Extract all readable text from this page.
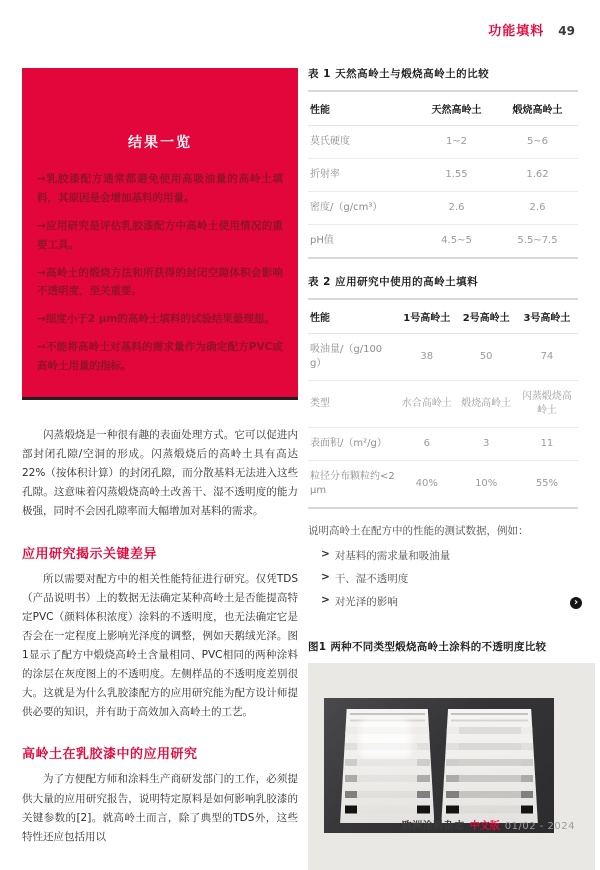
功能填料 49
结果一览

→乳胶漆配方通常都避免使用高吸油量的高岭土填料，其原因是会增加基料的用量。

→应用研究是评估乳胶漆配方中高岭土使用情况的重要工具。

→高岭土的煅烧方法和所获得的封闭空隙体积会影响不透明度，至关重要。

→细度小于2 μm的高岭土填料的试验结果最理想。

→不能将高岭土对基料的需求量作为确定配方PVC或高岭土用量的指标。

闪蒸煅烧是一种很有趣的表面处理方式。它可以促进内部封闭孔隙/空洞的形成。闪蒸煅烧后的高岭土具有高达22%（按体积计算）的封闭孔隙，而分散基料无法进入这些孔隙。这意味着闪蒸煅烧高岭土改善干、湿不透明度的能力极强，同时不会因孔隙率而大幅增加对基料的需求。

应用研究揭示关键差异

所以需要对配方中的相关性能特征进行研究。仅凭TDS（产品说明书）上的数据无法确定某种高岭土是否能提高特定PVC（颜料体积浓度）涂料的不透明度，也无法确定它是否会在一定程度上影响光泽度的调整，例如天鹅绒光泽。图1显示了配方中煅烧高岭土含量相同、PVC相同的两种涂料的涂层在灰度图上的不透明度。左侧样品的不透明度差别很大。这就是为什么乳胶漆配方的应用研究能为配方设计师提供必要的知识，并有助于高效加入高岭土的工艺。

高岭土在乳胶漆中的应用研究

为了方便配方师和涂料生产商研发部门的工作，必须提供大量的应用研究报告，说明特定原料是如何影响乳胶漆的关键参数的[2]。就高岭土而言，除了典型的TDS外，这些特性还应包括用以

表 1 天然高岭土与煅烧高岭土的比较
性能	天然高岭土	煅烧高岭土
莫氏硬度	1~2	5~6
折射率	1.55	1.62
密度/（g/cm³）	2.6	2.6
pH值	4.5~5	5.5~7.5
表 2 应用研究中使用的高岭土填料
性能	1号高岭土	2号高岭土	3号高岭土
吸油量/（g/100 g）	38	50	74
类型	水合高岭土	煅烧高岭土	闪蒸煅烧高岭土
表面积/（m²/g）	6	3	11
粒径分布颗粒约<2 μm	40%	10%	55%
说明高岭土在配方中的性能的测试数据，例如：
> 对基料的需求量和吸油量
> 干、湿不透明度
> 对光泽的影响	›
图1 两种不同类型煅烧高岭土涂料的不透明度比较
欧洲涂料杂志 中文版 01/02 - 2024
